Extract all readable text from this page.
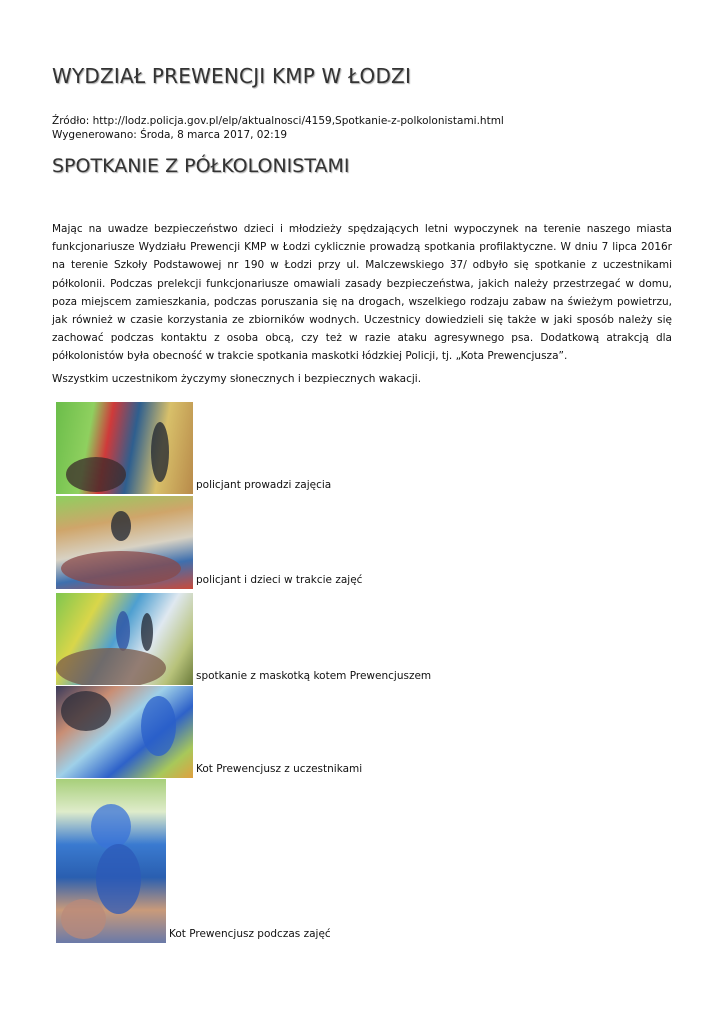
WYDZIAŁ PREWENCJI KMP W ŁODZI
Źródło: http://lodz.policja.gov.pl/elp/aktualnosci/4159,Spotkanie-z-polkolonistami.html
Wygenerowano: Środa, 8 marca 2017, 02:19
SPOTKANIE Z PÓŁKOLONISTAMI

Mając na uwadze bezpieczeństwo dzieci i młodzieży spędzających letni wypoczynek na terenie naszego miasta funkcjonariusze Wydziału Prewencji KMP w Łodzi cyklicznie prowadzą spotkania profilaktyczne. W dniu 7 lipca 2016r na terenie Szkoły Podstawowej nr 190 w Łodzi przy ul. Malczewskiego 37/ odbyło się spotkanie z uczestnikami półkolonii. Podczas prelekcji funkcjonariusze omawiali zasady bezpieczeństwa, jakich należy przestrzegać w domu, poza miejscem zamieszkania, podczas poruszania się na drogach, wszelkiego rodzaju zabaw na świeżym powietrzu, jak również w czasie korzystania ze zbiorników wodnych. Uczestnicy dowiedzieli się także w jaki sposób należy się zachować podczas kontaktu z osoba obcą, czy też w razie ataku agresywnego psa. Dodatkową atrakcją dla półkolonistów była obecność w trakcie spotkania maskotki łódzkiej Policji, tj. „Kota Prewencjusza”.

Wszystkim uczestnikom życzymy słonecznych i bezpiecznych wakacji.

policjant prowadzi zajęcia
policjant i dzieci w trakcie zajęć
spotkanie z maskotką kotem Prewencjuszem
Kot Prewencjusz z uczestnikami
Kot Prewencjusz podczas zajęć
